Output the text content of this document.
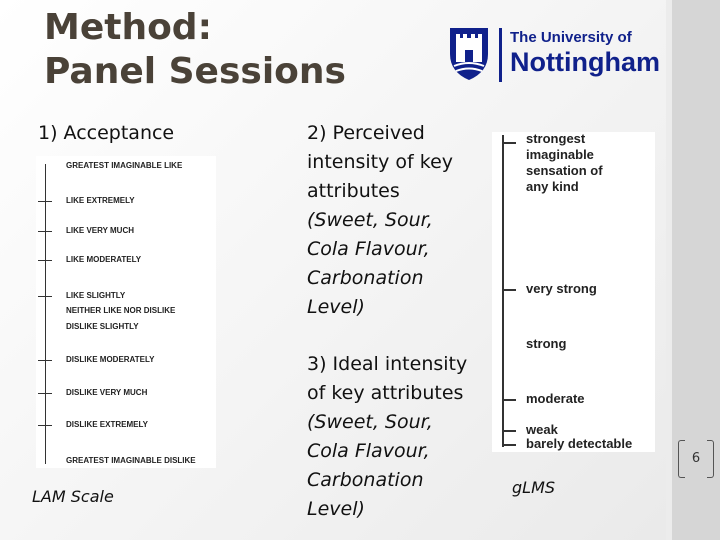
Method:
Panel Sessions
The University of
Nottingham
1) Acceptance
GREATEST IMAGINABLE LIKE
LIKE EXTREMELY
LIKE VERY MUCH
LIKE MODERATELY
LIKE SLIGHTLY
NEITHER LIKE NOR DISLIKE
DISLIKE SLIGHTLY
DISLIKE MODERATELY
DISLIKE VERY MUCH
DISLIKE EXTREMELY
GREATEST IMAGINABLE DISLIKE
LAM Scale
2) Perceived
intensity of key
attributes
(Sweet, Sour,
Cola Flavour,
Carbonation
Level)
3) Ideal intensity
of key attributes
(Sweet, Sour,
Cola Flavour,
Carbonation
Level)
strongest
imaginable
sensation of
any kind
very strong
strong
moderate
weak
barely detectable
gLMS
6
